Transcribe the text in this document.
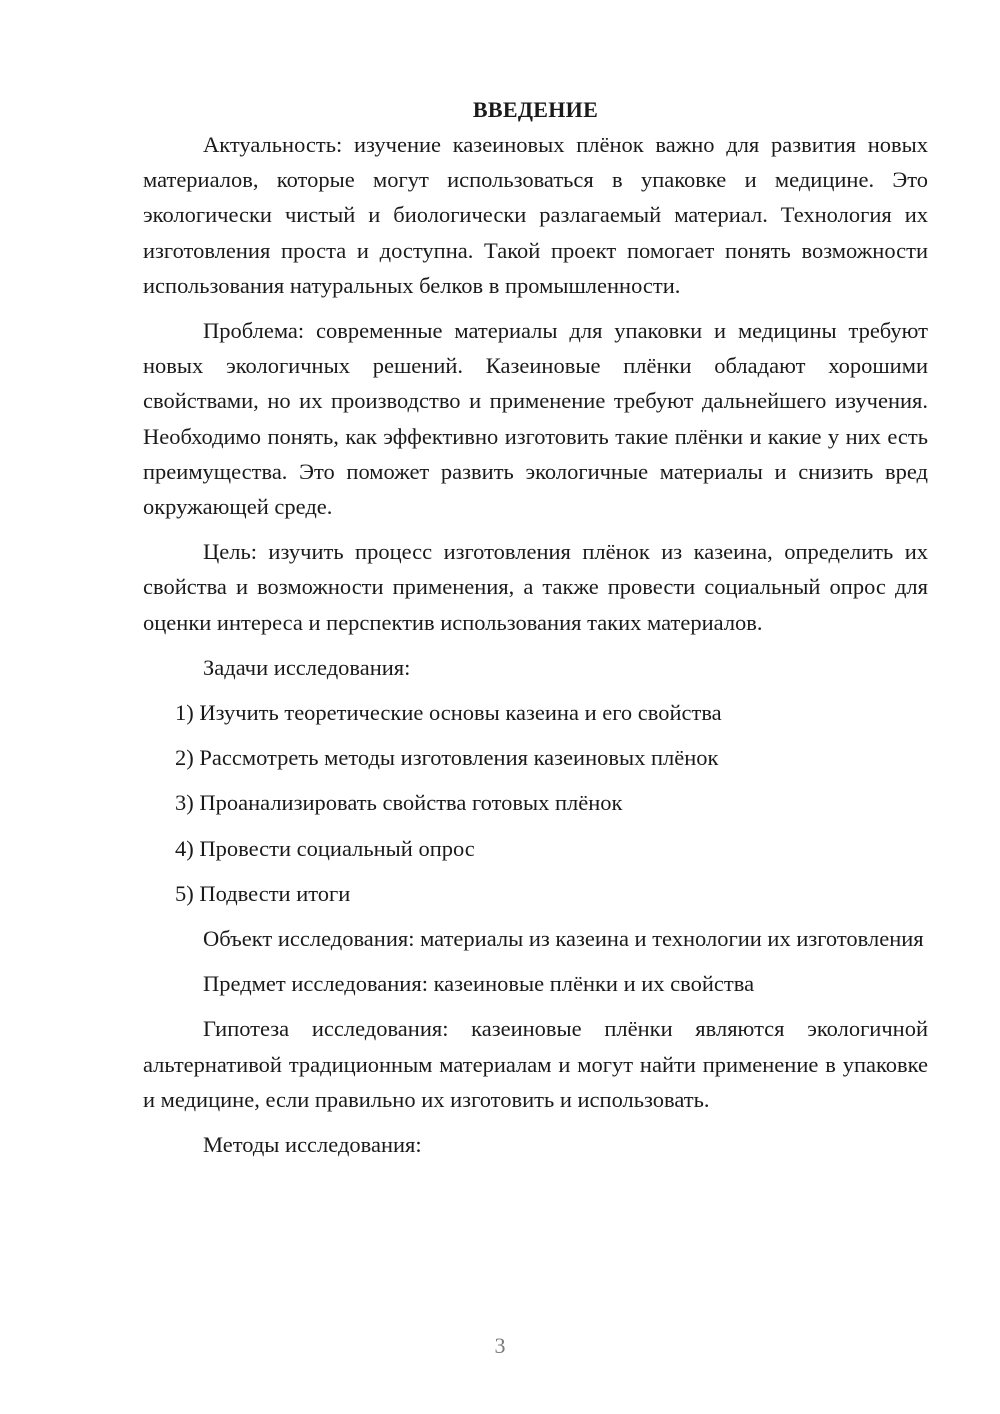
ВВЕДЕНИЕ

Актуальность: изучение казеиновых плёнок важно для развития новых материалов, которые могут использоваться в упаковке и медицине. Это экологически чистый и биологически разлагаемый материал. Технология их изготовления проста и доступна. Такой проект помогает понять возможности использования натуральных белков в промышленности.

Проблема: современные материалы для упаковки и медицины требуют новых экологичных решений. Казеиновые плёнки обладают хорошими свойствами, но их производство и применение требуют дальнейшего изучения. Необходимо понять, как эффективно изготовить такие плёнки и какие у них есть преимущества. Это поможет развить экологичные материалы и снизить вред окружающей среде.

Цель: изучить процесс изготовления плёнок из казеина, определить их свойства и возможности применения, а также провести социальный опрос для оценки интереса и перспектив использования таких материалов.

Задачи исследования:

1) Изучить теоретические основы казеина и его свойства

2) Рассмотреть методы изготовления казеиновых плёнок

3) Проанализировать свойства готовых плёнок

4) Провести социальный опрос

5) Подвести итоги

Объект исследования: материалы из казеина и технологии их изготовления

Предмет исследования: казеиновые плёнки и их свойства

Гипотеза исследования: казеиновые плёнки являются экологичной альтернативой традиционным материалам и могут найти применение в упаковке и медицине, если правильно их изготовить и использовать.

Методы исследования:

3
